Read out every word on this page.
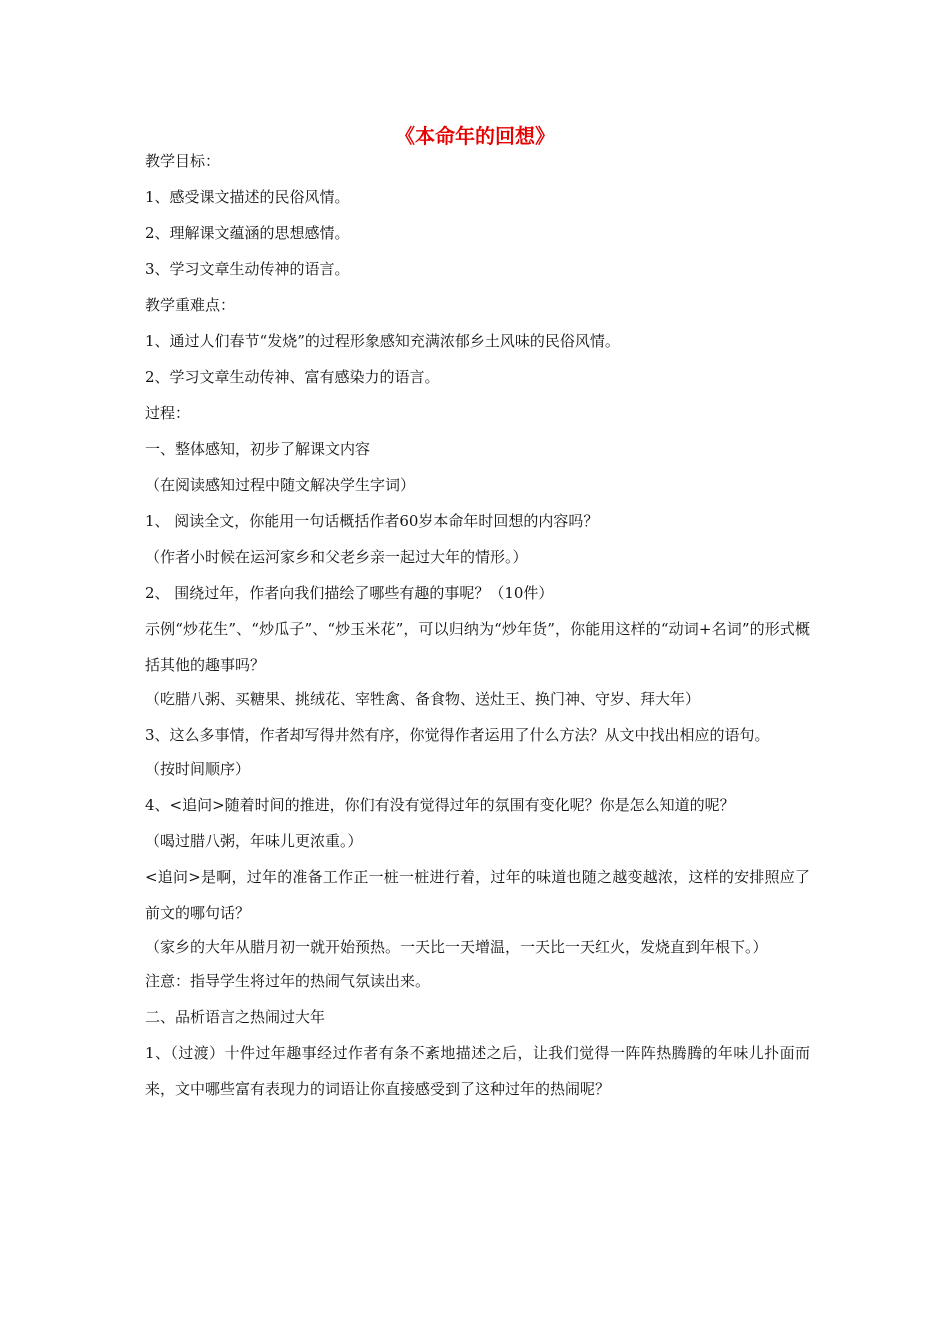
《本命年的回想》

教学目标：

1、感受课文描述的民俗风情。

2、理解课文蕴涵的思想感情。

3、学习文章生动传神的语言。

教学重难点：

1、通过人们春节“发烧”的过程形象感知充满浓郁乡土风味的民俗风情。

2、学习文章生动传神、富有感染力的语言。

过程：

一、整体感知，初步了解课文内容

（在阅读感知过程中随文解决学生字词）

1、 阅读全文，你能用一句话概括作者60岁本命年时回想的内容吗？

（作者小时候在运河家乡和父老乡亲一起过大年的情形。）

2、 围绕过年，作者向我们描绘了哪些有趣的事呢？（10件）

示例“炒花生”、“炒瓜子”、“炒玉米花”，可以归纳为“炒年货”，你能用这样的“动词+名词”的形式概括其他的趣事吗？

（吃腊八粥、买糖果、挑绒花、宰牲禽、备食物、送灶王、换门神、守岁、拜大年）

3、这么多事情，作者却写得井然有序，你觉得作者运用了什么方法？从文中找出相应的语句。

（按时间顺序）

4、<追问>随着时间的推进，你们有没有觉得过年的氛围有变化呢？你是怎么知道的呢？

（喝过腊八粥，年味儿更浓重。）

<追问>是啊，过年的准备工作正一桩一桩进行着，过年的味道也随之越变越浓，这样的安排照应了前文的哪句话？

（家乡的大年从腊月初一就开始预热。一天比一天增温，一天比一天红火，发烧直到年根下。）

注意：指导学生将过年的热闹气氛读出来。

二、品析语言之热闹过大年

1、（过渡）十件过年趣事经过作者有条不紊地描述之后，让我们觉得一阵阵热腾腾的年味儿扑面而来，文中哪些富有表现力的词语让你直接感受到了这种过年的热闹呢？
